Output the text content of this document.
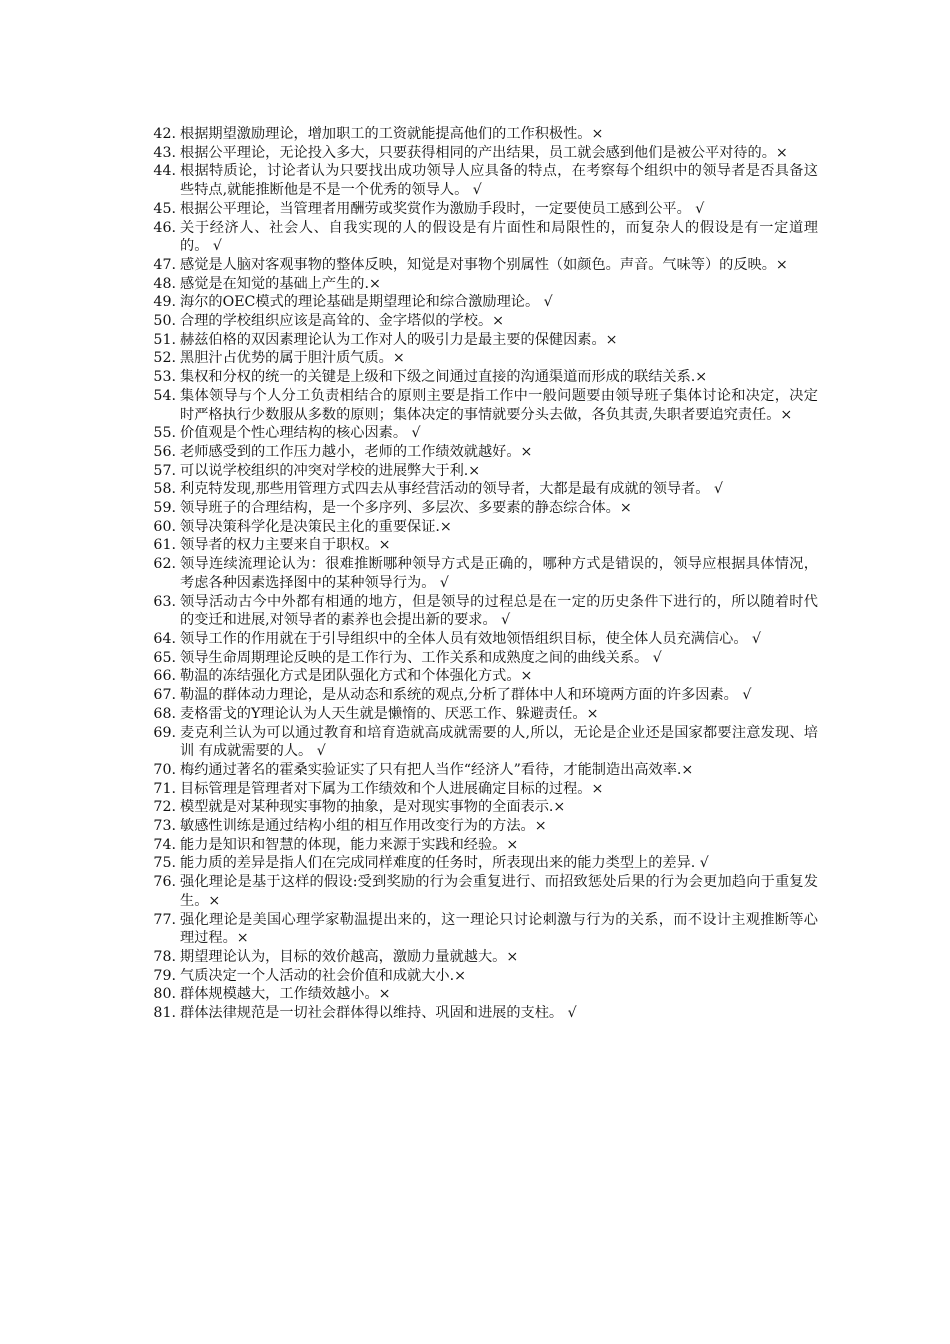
42. 根据期望激励理论，增加职工的工资就能提高他们的工作积极性。×
43. 根据公平理论，无论投入多大，只要获得相同的产出结果，员工就会感到他们是被公平对待的。×
44. 根据特质论，讨论者认为只要找出成功领导人应具备的特点，在考察每个组织中的领导者是否具备这些特点,就能推断他是不是一个优秀的领导人。 √
45. 根据公平理论，当管理者用酬劳或奖赏作为激励手段时，一定要使员工感到公平。 √
46. 关于经济人、社会人、自我实现的人的假设是有片面性和局限性的，而复杂人的假设是有一定道理的。 √
47. 感觉是人脑对客观事物的整体反映，知觉是对事物个别属性（如颜色。声音。气味等）的反映。×
48. 感觉是在知觉的基础上产生的.×
49. 海尔的OEC模式的理论基础是期望理论和综合激励理论。 √
50. 合理的学校组织应该是高耸的、金字塔似的学校。×
51. 赫兹伯格的双因素理论认为工作对人的吸引力是最主要的保健因素。×
52. 黑胆汁占优势的属于胆汁质气质。×
53. 集权和分权的统一的关键是上级和下级之间通过直接的沟通渠道而形成的联结关系.×
54. 集体领导与个人分工负责相结合的原则主要是指工作中一般问题要由领导班子集体讨论和决定，决定时严格执行少数服从多数的原则；集体决定的事情就要分头去做，各负其责,失职者要追究责任。×
55. 价值观是个性心理结构的核心因素。 √
56. 老师感受到的工作压力越小，老师的工作绩效就越好。×
57. 可以说学校组织的冲突对学校的进展弊大于利.×
58. 利克特发现,那些用管理方式四去从事经营活动的领导者，大都是最有成就的领导者。 √
59. 领导班子的合理结构，是一个多序列、多层次、多要素的静态综合体。×
60. 领导决策科学化是决策民主化的重要保证.×
61. 领导者的权力主要来自于职权。×
62. 领导连续流理论认为：很难推断哪种领导方式是正确的，哪种方式是错误的，领导应根据具体情况，考虑各种因素选择图中的某种领导行为。 √
63. 领导活动古今中外都有相通的地方，但是领导的过程总是在一定的历史条件下进行的，所以随着时代的变迁和进展,对领导者的素养也会提出新的要求。 √
64. 领导工作的作用就在于引导组织中的全体人员有效地领悟组织目标，使全体人员充满信心。 √
65. 领导生命周期理论反映的是工作行为、工作关系和成熟度之间的曲线关系。 √
66. 勒温的冻结强化方式是团队强化方式和个体强化方式。×
67. 勒温的群体动力理论，是从动态和系统的观点,分析了群体中人和环境两方面的许多因素。 √
68. 麦格雷戈的Y理论认为人天生就是懒惰的、厌恶工作、躲避责任。×
69. 麦克利兰认为可以通过教育和培育造就高成就需要的人,所以，无论是企业还是国家都要注意发现、培训 有成就需要的人。 √
70. 梅约通过著名的霍桑实验证实了只有把人当作“经济人”看待，才能制造出高效率.×
71. 目标管理是管理者对下属为工作绩效和个人进展确定目标的过程。×
72. 模型就是对某种现实事物的抽象，是对现实事物的全面表示.×
73. 敏感性训练是通过结构小组的相互作用改变行为的方法。×
74. 能力是知识和智慧的体现，能力来源于实践和经验。×
75. 能力质的差异是指人们在完成同样难度的任务时，所表现出来的能力类型上的差异. √
76. 强化理论是基于这样的假设:受到奖励的行为会重复进行、而招致惩处后果的行为会更加趋向于重复发生。×
77. 强化理论是美国心理学家勒温提出来的，这一理论只讨论刺激与行为的关系，而不设计主观推断等心理过程。×
78. 期望理论认为，目标的效价越高，激励力量就越大。×
79. 气质决定一个人活动的社会价值和成就大小.×
80. 群体规模越大，工作绩效越小。×
81. 群体法律规范是一切社会群体得以维持、巩固和进展的支柱。 √
